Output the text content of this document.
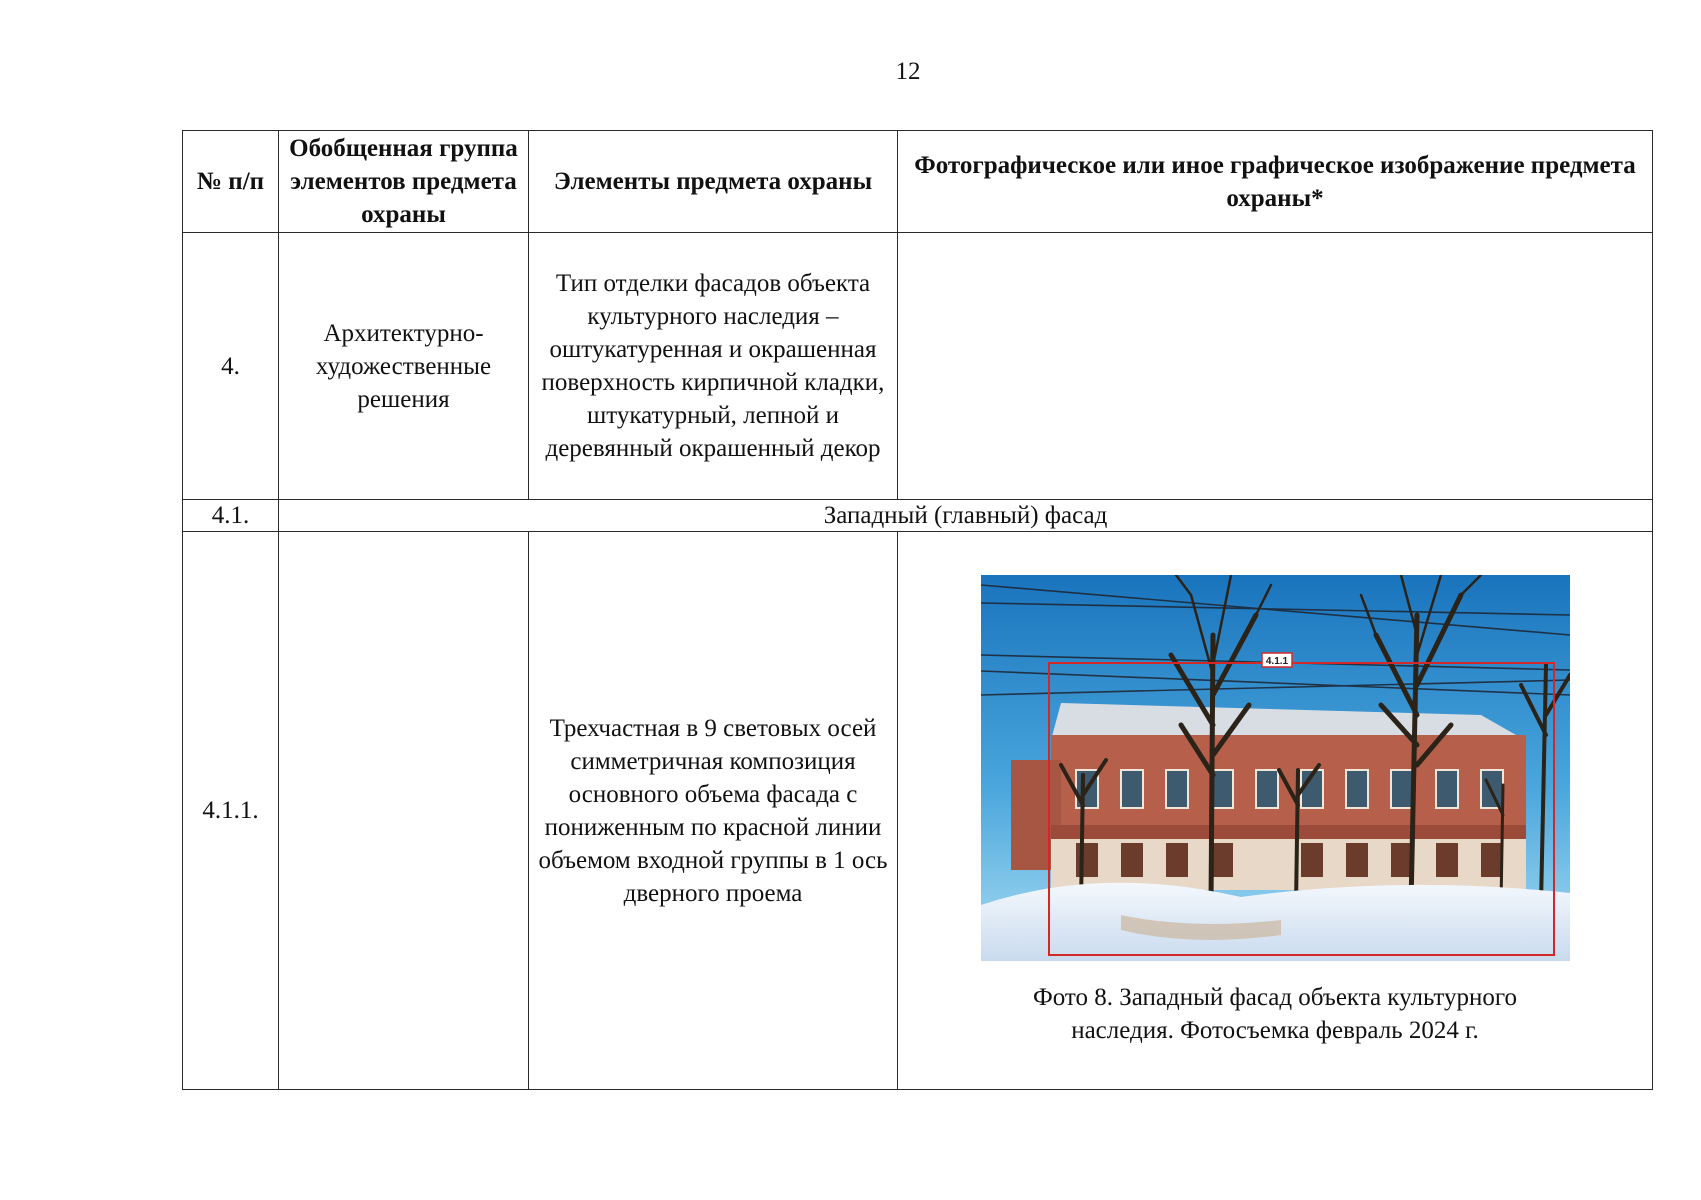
12
№ п/п	Обобщенная группа элементов предмета охраны	Элементы предмета охраны	Фотографическое или иное графическое изображение предмета охраны*
4.	Архитектурно-художественные решения	Тип отделки фасадов объекта культурного наследия – оштукатуренная и окрашенная поверхность кирпичной кладки, штукатурный, лепной и деревянный окрашенный декор	
4.1.	Западный (главный) фасад		
4.1.1.		Трехчастная в 9 световых осей симметричная композиция основного объема фасада с пониженным по красной линии объемом входной группы в 1 ось дверного проема	4.1.1
Фото 8. Западный фасад объекта культурного
наследия. Фотосъемка февраль 2024 г.
